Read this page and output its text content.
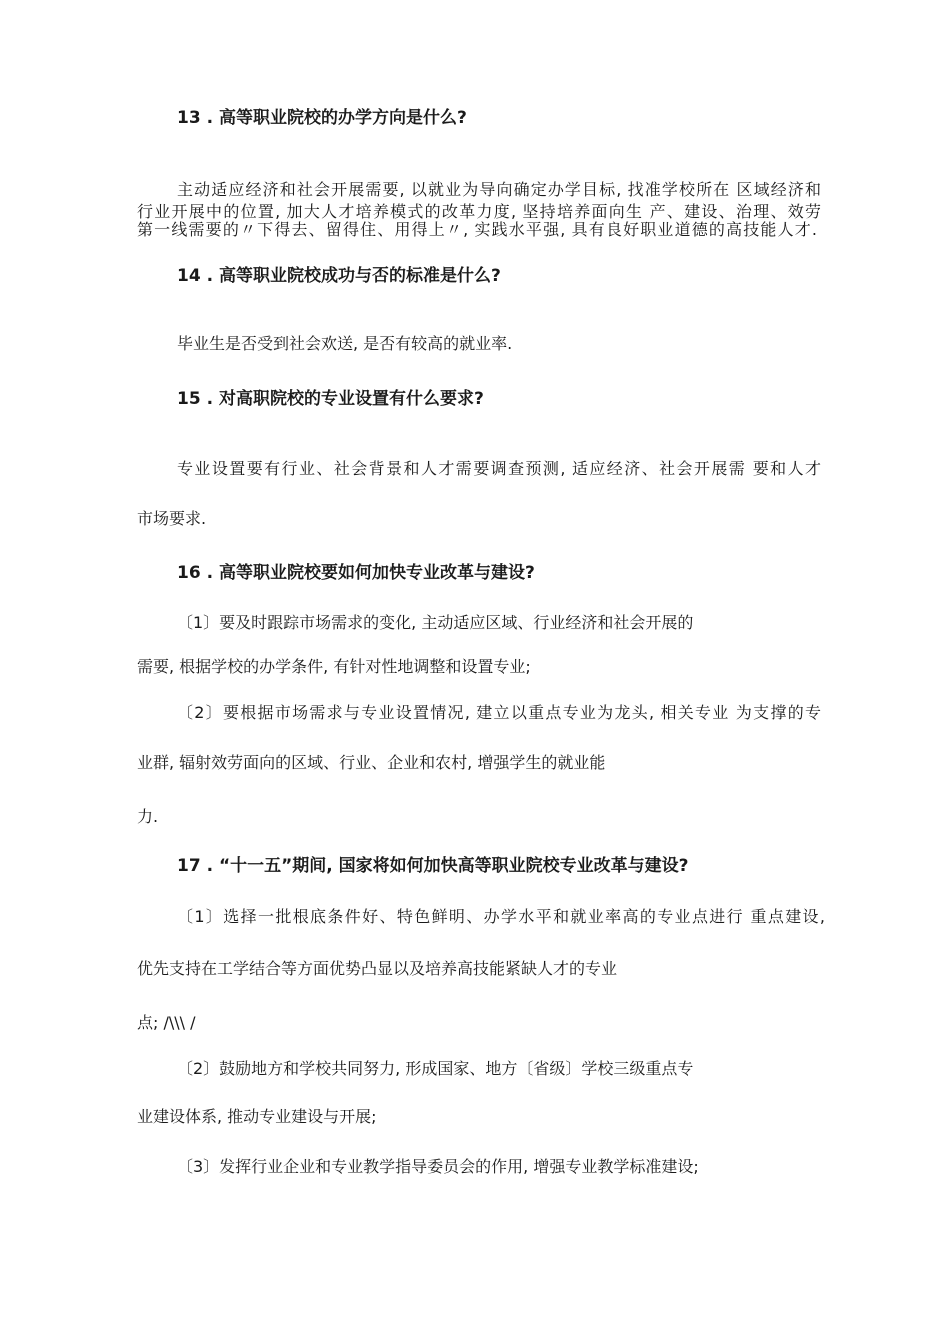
13 . 高等职业院校的办学方向是什么?
主动适应经济和社会开展需要, 以就业为导向确定办学目标, 找准学校所在 区域经济和
行业开展中的位置, 加大人才培养模式的改革力度, 坚持培养面向生 产、建设、治理、效劳
第一线需要的〃下得去、留得住、用得上〃, 实践水平强, 具有良好职业道德的高技能人才.
14 . 高等职业院校成功与否的标准是什么?
毕业生是否受到社会欢送, 是否有较高的就业率.
15 . 对高职院校的专业设置有什么要求?
专业设置要有行业、社会背景和人才需要调查预测, 适应经济、社会开展需 要和人才
市场要求.
16 . 高等职业院校要如何加快专业改革与建设?
〔1〕要及时跟踪市场需求的变化, 主动适应区域、行业经济和社会开展的
需要, 根据学校的办学条件, 有针对性地调整和设置专业;
〔2〕要根据市场需求与专业设置情况, 建立以重点专业为龙头, 相关专业 为支撑的专
业群, 辐射效劳面向的区域、行业、企业和农村, 增强学生的就业能
力.
17 . “十一五”期间, 国家将如何加快高等职业院校专业改革与建设?
〔1〕选择一批根底条件好、特色鲜明、办学水平和就业率高的专业点进行 重点建设,
优先支持在工学结合等方面优势凸显以及培养高技能紧缺人才的专业
点; /\\\ /
〔2〕鼓励地方和学校共同努力, 形成国家、地方〔省级〕学校三级重点专
业建设体系, 推动专业建设与开展;
〔3〕发挥行业企业和专业教学指导委员会的作用, 增强专业教学标准建设;
